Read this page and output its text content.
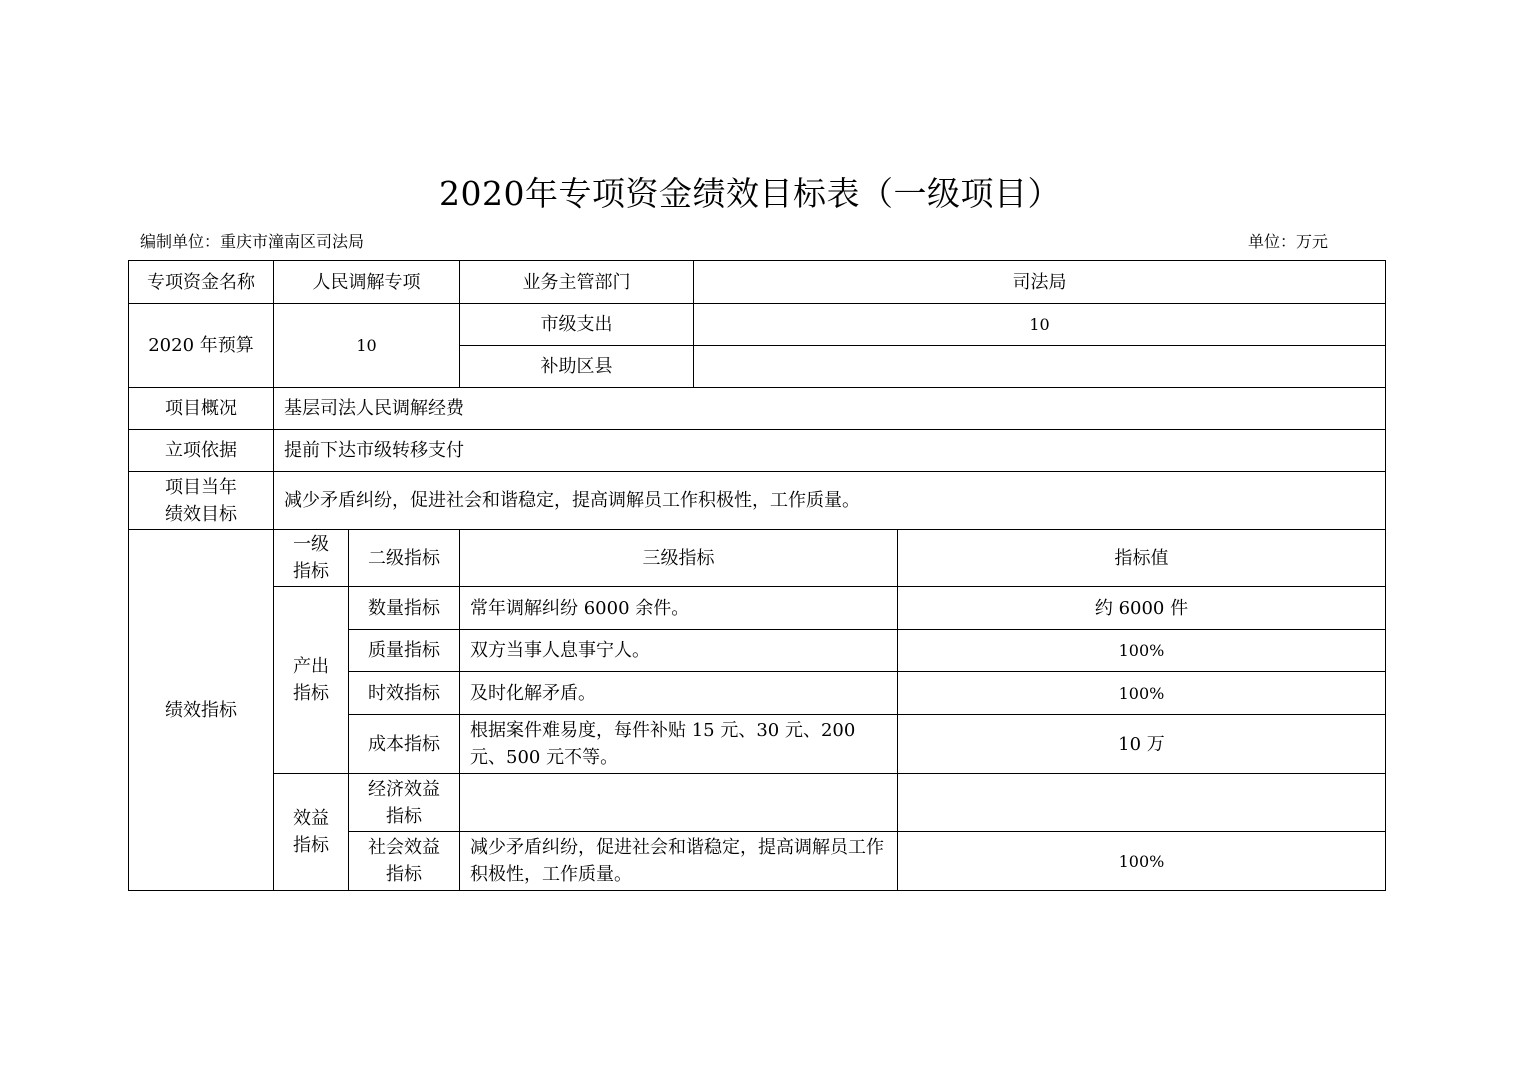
2020年专项资金绩效目标表（一级项目）
编制单位：重庆市潼南区司法局	单位：万元
专项资金名称	人民调解专项		业务主管部门	司法局	
2020 年预算	10		市级支出	10	
			补助区县		
项目概况	基层司法人民调解经费				
立项依据	提前下达市级转移支付				
项目当年绩效目标	减少矛盾纠纷，促进社会和谐稳定，提高调解员工作积极性，工作质量。				
绩效指标	一级指标	二级指标	三级指标		指标值
	产出指标	数量指标	常年调解纠纷 6000 余件。		约 6000 件
		质量指标	双方当事人息事宁人。		100%
		时效指标	及时化解矛盾。		100%
		成本指标	根据案件难易度，每件补贴 15 元、30 元、200 元、500 元不等。		10 万
	效益指标	经济效益指标			
		社会效益指标	减少矛盾纠纷，促进社会和谐稳定，提高调解员工作积极性，工作质量。		100%
